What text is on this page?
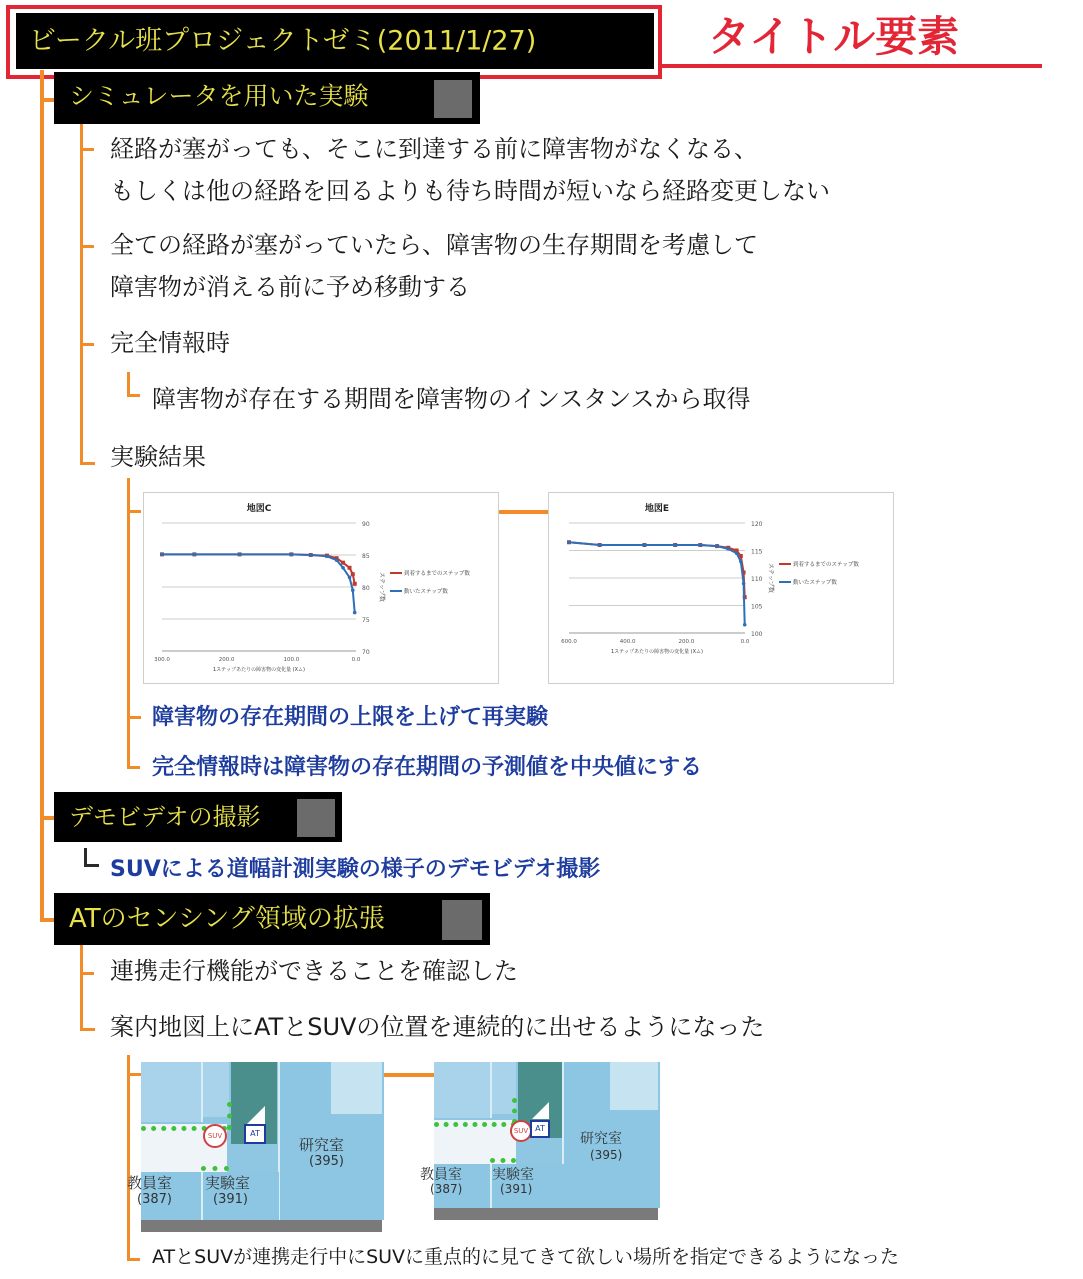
ビークル班プロジェクトゼミ(2011/1/27)	タイトル要素
シミュレータを用いた実験
経路が塞がっても、そこに到達する前に障害物がなくなる、
もしくは他の経路を回るよりも待ち時間が短いなら経路変更しない
全ての経路が塞がっていたら、障害物の生存期間を考慮して
障害物が消える前に予め移動する
完全情報時
障害物が存在する期間を障害物のインスタンスから取得
実験結果
地図C
70
75
80
85
90
300.0	200.0	100.0	0.0
1ステップあたりの障害物の変化量 (Xム)
ステップ数	到着するまでのステップ数
動いたステップ数
地図E
100
105
110
115
120
600.0	400.0	200.0	0.0
1ステップあたりの障害物の変化量 (Xム)
ステップ数	到着するまでのステップ数
動いたステップ数
障害物の存在期間の上限を上げて再実験
完全情報時は障害物の存在期間の予測値を中央値にする
デモビデオの撮影
SUVによる道幅計測実験の様子のデモビデオ撮影
ATのセンシング領域の拡張
連携走行機能ができることを確認した
案内地図上にATとSUVの位置を連続的に出せるようになった
SUV	AT
研究室
(395)
教員室
(387)
実験室
(391)
SUV AT
研究室
(395)
教員室
(387)
実験室
(391)
ATとSUVが連携走行中にSUVに重点的に見てきて欲しい場所を指定できるようになった
